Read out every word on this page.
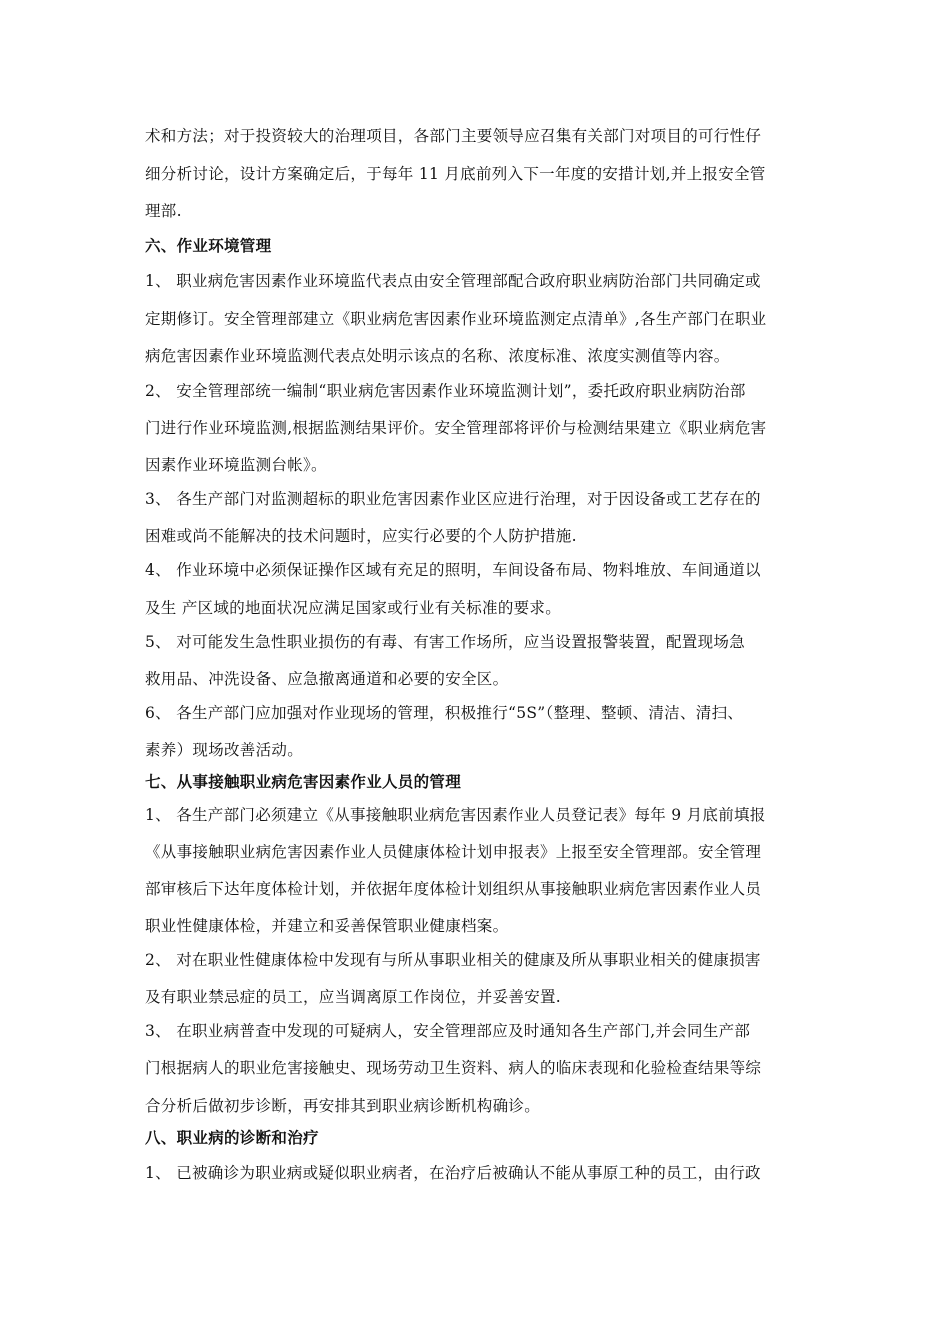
术和方法；对于投资较大的治理项目，各部门主要领导应召集有关部门对项目的可行性仔
细分析讨论，设计方案确定后，于每年 11 月底前列入下一年度的安措计划,并上报安全管
理部.
六、作业环境管理
1、 职业病危害因素作业环境监代表点由安全管理部配合政府职业病防治部门共同确定或
定期修订。安全管理部建立《职业病危害因素作业环境监测定点清单》,各生产部门在职业
病危害因素作业环境监测代表点处明示该点的名称、浓度标准、浓度实测值等内容。
2、 安全管理部统一编制“职业病危害因素作业环境监测计划”，委托政府职业病防治部
门进行作业环境监测,根据监测结果评价。安全管理部将评价与检测结果建立《职业病危害
因素作业环境监测台帐》。
3、 各生产部门对监测超标的职业危害因素作业区应进行治理，对于因设备或工艺存在的
困难或尚不能解决的技术问题时，应实行必要的个人防护措施.
4、 作业环境中必须保证操作区域有充足的照明，车间设备布局、物料堆放、车间通道以
及生 产区域的地面状况应满足国家或行业有关标准的要求。
5、 对可能发生急性职业损伤的有毒、有害工作场所，应当设置报警装置，配置现场急
救用品、冲洗设备、应急撤离通道和必要的安全区。
6、 各生产部门应加强对作业现场的管理，积极推行“5S”（整理、整顿、清洁、清扫、
素养）现场改善活动。
七、从事接触职业病危害因素作业人员的管理
1、 各生产部门必须建立《从事接触职业病危害因素作业人员登记表》每年 9 月底前填报
《从事接触职业病危害因素作业人员健康体检计划申报表》上报至安全管理部。安全管理
部审核后下达年度体检计划，并依据年度体检计划组织从事接触职业病危害因素作业人员
职业性健康体检，并建立和妥善保管职业健康档案。
2、 对在职业性健康体检中发现有与所从事职业相关的健康及所从事职业相关的健康损害
及有职业禁忌症的员工，应当调离原工作岗位，并妥善安置.
3、 在职业病普查中发现的可疑病人，安全管理部应及时通知各生产部门,并会同生产部
门根据病人的职业危害接触史、现场劳动卫生资料、病人的临床表现和化验检查结果等综
合分析后做初步诊断，再安排其到职业病诊断机构确诊。
八、职业病的诊断和治疗
1、 已被确诊为职业病或疑似职业病者，在治疗后被确认不能从事原工种的员工，由行政
